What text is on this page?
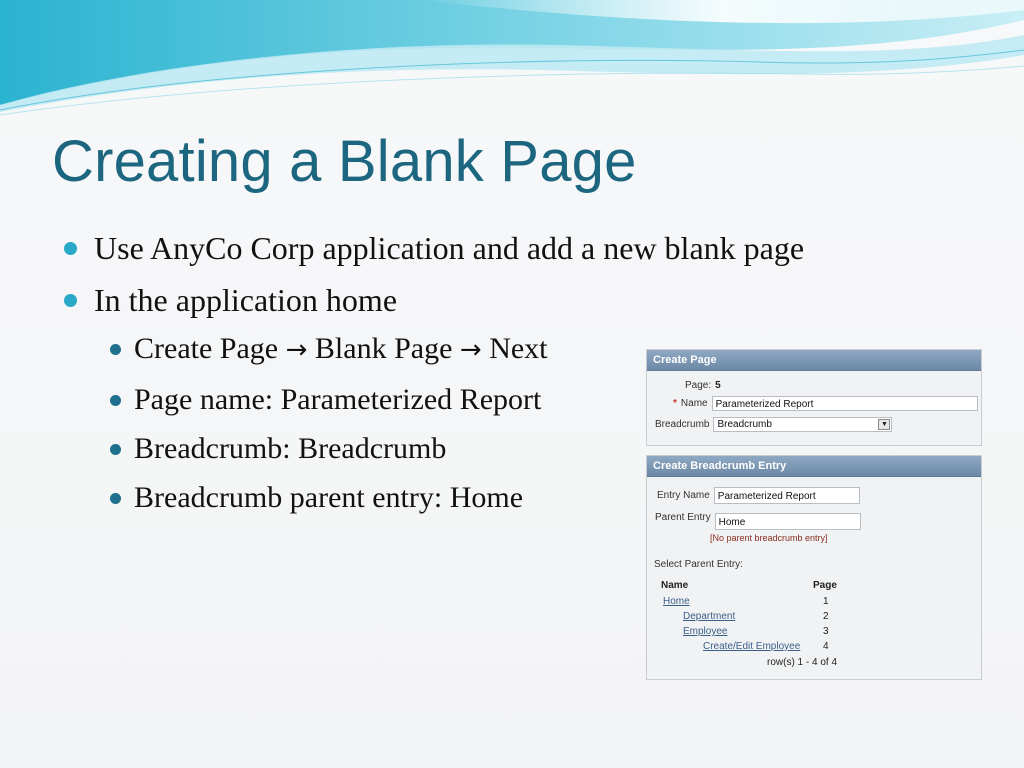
Creating a Blank Page
Use AnyCo Corp application and add a new blank page
In the application home
Create Page → Blank Page → Next
Page name: Parameterized Report
Breadcrumb: Breadcrumb
Breadcrumb parent entry: Home
Create Page
Page: 5
* Name Parameterized Report
Breadcrumb Breadcrumb	▼
Create Breadcrumb Entry
Entry Name Parameterized Report
Parent Entry Home
[No parent breadcrumb entry]
Select Parent Entry:
Name	Page
Home	1
Department	2
Employee	3
Create/Edit Employee 4
row(s) 1 - 4 of 4
